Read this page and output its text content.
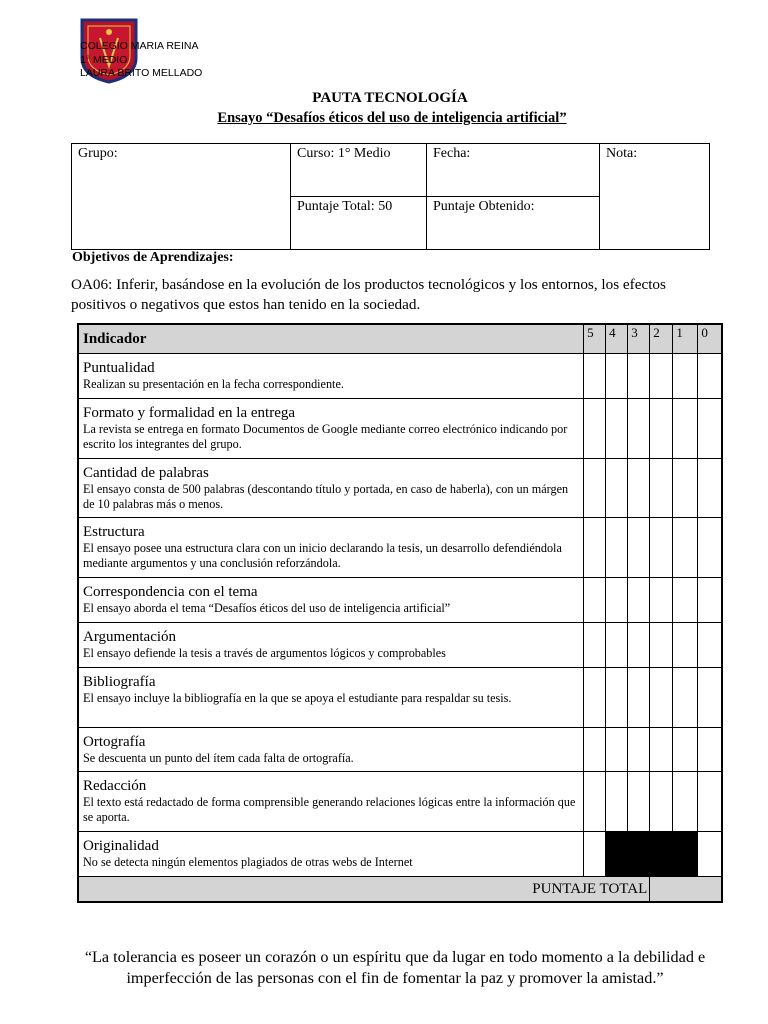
COLEGIO MARIA REINA
1° MEDIO
LAURA BRITO MELLADO
PAUTA TECNOLOGÍA
Ensayo “Desafíos éticos del uso de inteligencia artificial”
Grupo:	Curso: 1° Medio	Fecha:	Nota:
	Puntaje Total: 50	Puntaje Obtenido:	
Objetivos de Aprendizajes:
OA06: Inferir, basándose en la evolución de los productos tecnológicos y los entornos, los efectos positivos o negativos que estos han tenido en la sociedad.
Indicador	5	4	3	2	1	0

Puntualidad
Realizan su presentación en la fecha correspondiente.						

Formato y formalidad en la entrega
La revista se entrega en formato Documentos de Google mediante correo electrónico indicando por escrito los integrantes del grupo.						

Cantidad de palabras
El ensayo consta de 500 palabras (descontando título y portada, en caso de haberla), con un márgen de 10 palabras más o menos.						

Estructura
El ensayo posee una estructura clara con un inicio declarando la tesis, un desarrollo defendiéndola mediante argumentos y una conclusión reforzándola.						

Correspondencia con el tema
El ensayo aborda el tema “Desafíos éticos del uso de inteligencia artificial”						

Argumentación
El ensayo defiende la tesis a través de argumentos lógicos y comprobables						

Bibliografía
El ensayo incluye la bibliografía en la que se apoya el estudiante para respaldar su tesis.						

Ortografía
Se descuenta un punto del ítem cada falta de ortografía.						

Redacción
El texto está redactado de forma comprensible generando relaciones lógicas entre la información que se aporta.						

Originalidad
No se detecta ningún elementos plagiados de otras webs de Internet						

PUNTAJE TOTAL						
“La tolerancia es poseer un corazón o un espíritu que da lugar en todo momento a la debilidad e imperfección de las personas con el fin de fomentar la paz y promover la amistad.”
